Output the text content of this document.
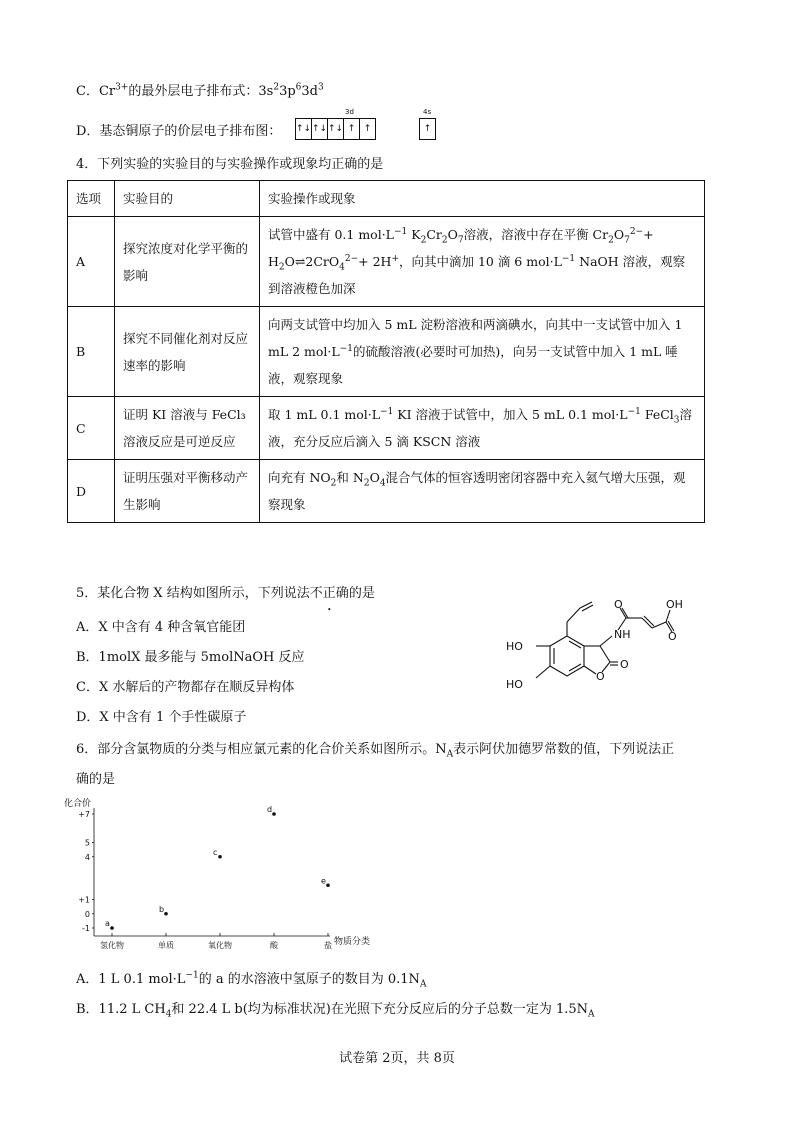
C．$Cr^{3+}$的最外层电子排布式：$3s^23p^63d^3$
D．基态铜原子的价层电子排布图：
3d	4s
↑↓ ↑↓ ↑↓ ↑ ↑	↑
4．下列实验的实验目的与实验操作或现象均正确的是
选项	实验目的	实验操作或现象
A	探究浓度对化学平衡的影响	试管中盛有 0.1 $mol\cdot L^{-1}$ $K_2Cr_2O_7$溶液，溶液中存在平衡 $Cr_2O_7^{2-}+$ $H_2O\rightleftharpoons 2CrO_4^{2-}+ 2H^+$，向其中滴加 10 滴 6 $mol\cdot L^{-1}$ NaOH 溶液，观察到溶液橙色加深
B	探究不同催化剂对反应速率的影响	向两支试管中均加入 5 mL 淀粉溶液和两滴碘水，向其中一支试管中加入 1 mL 2 $mol\cdot L^{-1}$的硫酸溶液(必要时可加热)，向另一支试管中加入 1 mL 唾液，观察现象
C	证明 KI 溶液与 FeCl₃ 溶液反应是可逆反应	取 1 mL 0.1 $mol\cdot L^{-1}$ KI 溶液于试管中，加入 5 mL 0.1 $mol\cdot L^{-1}$ FeCl$_3$溶液，充分反应后滴入 5 滴 KSCN 溶液
D	证明压强对平衡移动产生影响	向充有 $NO_2$和 $N_2O_4$混合气体的恒容透明密闭容器中充入氦气增大压强，观察现象
5．某化合物 X 结构如图所示，下列说法不正确的是
A．X 中含有 4 种含氧官能团
B．1molX 最多能与 5molNaOH 反应
C．X 水解后的产物都存在顺反异构体
D．X 中含有 1 个手性碳原子
OH
NH
HO
HO
O
O
O
O
6．部分含氯物质的分类与相应氯元素的化合价关系如图所示。$N_A$表示阿伏加德罗常数的值，下列说法正
确的是
+7
5
4
+1
0
-1
氢化物	单质	氧化物	酸	盐
a
b
c
d
e
化合价
物质分类
A．1 L 0.1 $mol\cdot L^{-1}$的 a 的水溶液中氢原子的数目为 $0.1N_A$
B．11.2 L $CH_4$和 22.4 L b(均为标准状况)在光照下充分反应后的分子总数一定为 $1.5N_A$
试卷第 2页，共 8页
